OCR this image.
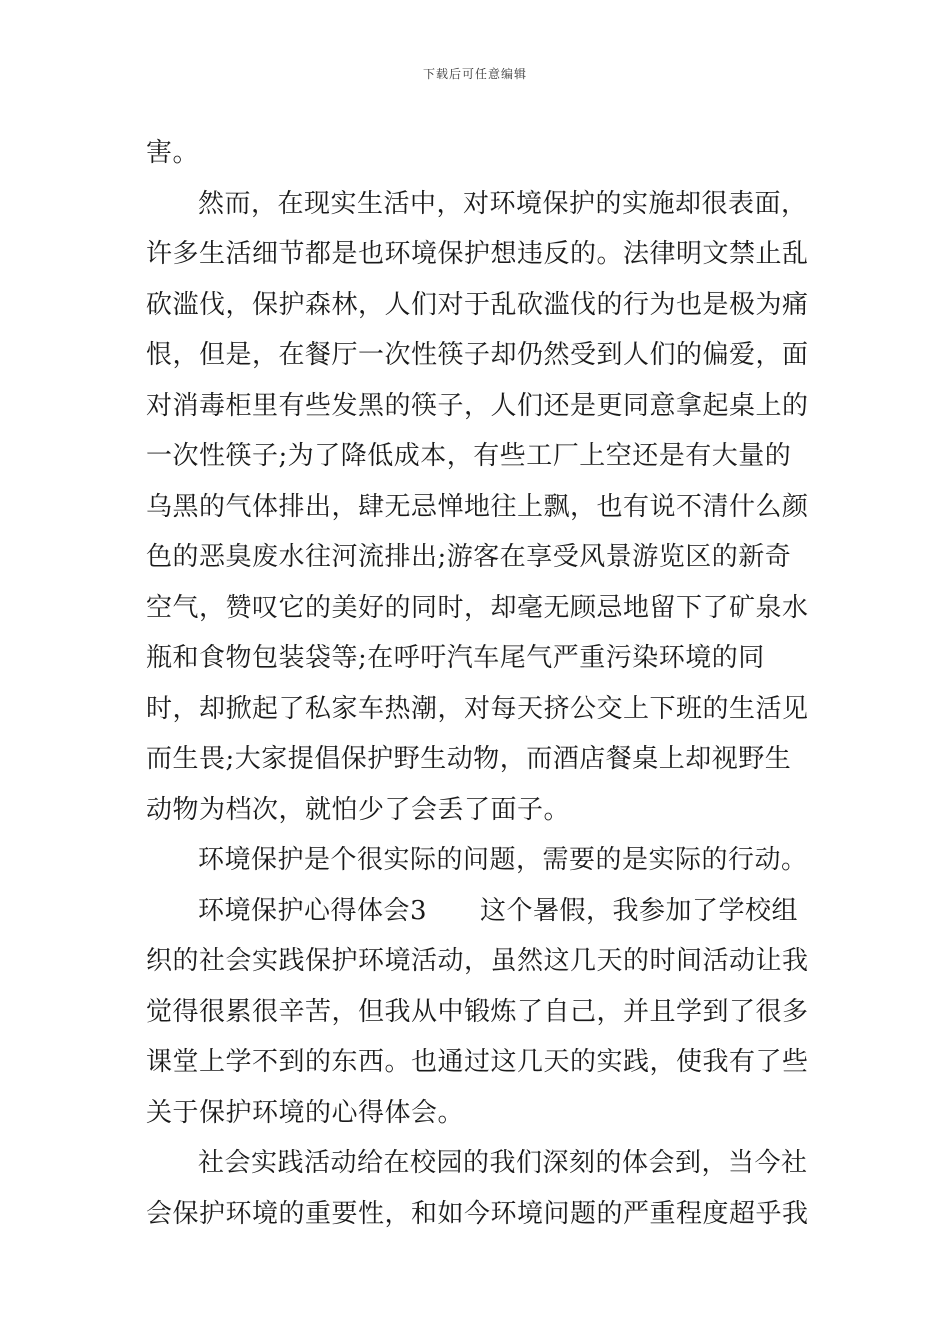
下载后可任意编辑

害。

然而，在现实生活中，对环境保护的实施却很表面，许多生活细节都是也环境保护想违反的。法律明文禁止乱砍滥伐，保护森林，人们对于乱砍滥伐的行为也是极为痛恨，但是，在餐厅一次性筷子却仍然受到人们的偏爱，面对消毒柜里有些发黑的筷子，人们还是更同意拿起桌上的一次性筷子;为了降低成本，有些工厂上空还是有大量的乌黑的气体排出，肆无忌惮地往上飘，也有说不清什么颜色的恶臭废水往河流排出;游客在享受风景游览区的新奇空气，赞叹它的美好的同时，却毫无顾忌地留下了矿泉水瓶和食物包装袋等;在呼吁汽车尾气严重污染环境的同时，却掀起了私家车热潮，对每天挤公交上下班的生活见而生畏;大家提倡保护野生动物，而酒店餐桌上却视野生动物为档次，就怕少了会丢了面子。

环境保护是个很实际的问题，需要的是实际的行动。

环境保护心得体会3　　这个暑假，我参加了学校组织的社会实践保护环境活动，虽然这几天的时间活动让我觉得很累很辛苦，但我从中锻炼了自己，并且学到了很多课堂上学不到的东西。也通过这几天的实践，使我有了些关于保护环境的心得体会。

社会实践活动给在校园的我们深刻的体会到，当今社会保护环境的重要性，和如今环境问题的严重程度超乎我
